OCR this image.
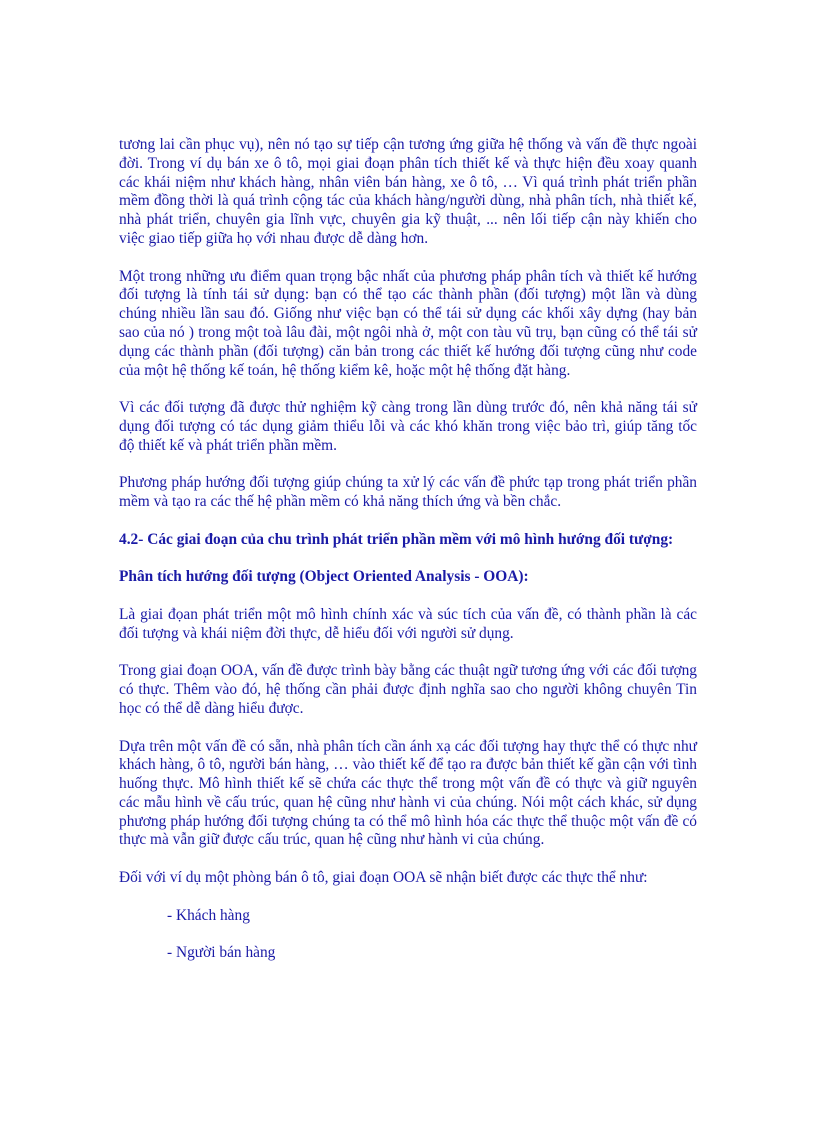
tương lai cần phục vụ), nên nó tạo sự tiếp cận tương ứng giữa hệ thống và vấn đề thực ngoài đời. Trong ví dụ bán xe ô tô, mọi giai đoạn phân tích thiết kế và thực hiện đều xoay quanh các khái niệm như khách hàng, nhân viên bán hàng, xe ô tô, … Vì quá trình phát triển phần mềm đồng thời là quá trình cộng tác của khách hàng/người dùng, nhà phân tích, nhà thiết kế, nhà phát triển, chuyên gia lĩnh vực, chuyên gia kỹ thuật, ... nên lối tiếp cận này khiến cho việc giao tiếp giữa họ với nhau được dễ dàng hơn.

Một trong những ưu điểm quan trọng bậc nhất của phương pháp phân tích và thiết kế hướng đối tượng là tính tái sử dụng: bạn có thể tạo các thành phần (đối tượng) một lần và dùng chúng nhiều lần sau đó. Giống như việc bạn có thể tái sử dụng các khối xây dựng (hay bản sao của nó ) trong một toà lâu đài, một ngôi nhà ở, một con tàu vũ trụ, bạn cũng có thể tái sử dụng các thành phần (đối tượng) căn bản trong các thiết kế hướng đối tượng cũng như code của một hệ thống kế toán, hệ thống kiểm kê, hoặc một hệ thống đặt hàng.

Vì các đối tượng đã được thử nghiệm kỹ càng trong lần dùng trước đó, nên khả năng tái sử dụng đối tượng có tác dụng giảm thiểu lỗi và các khó khăn trong việc bảo trì, giúp tăng tốc độ thiết kế và phát triển phần mềm.

Phương pháp hướng đối tượng giúp chúng ta xử lý các vấn đề phức tạp trong phát triển phần mềm và tạo ra các thế hệ phần mềm có khả năng thích ứng và bền chắc.

4.2- Các giai đoạn của chu trình phát triển phần mềm với mô hình hướng đối tượng:

Phân tích hướng đối tượng (Object Oriented Analysis - OOA):

Là giai đọan phát triển một mô hình chính xác và súc tích của vấn đề, có thành phần là các đối tượng và khái niệm đời thực, dễ hiểu đối với người sử dụng.

Trong giai đoạn OOA, vấn đề được trình bày bằng các thuật ngữ tương ứng với các đối tượng có thực. Thêm vào đó, hệ thống cần phải được định nghĩa sao cho người không chuyên Tin học có thể dễ dàng hiểu được.

Dựa trên một vấn đề có sẵn, nhà phân tích cần ánh xạ các đối tượng hay thực thể có thực như khách hàng, ô tô, người bán hàng, … vào thiết kế để tạo ra được bản thiết kế gần cận với tình huống thực. Mô hình thiết kế sẽ chứa các thực thể trong một vấn đề có thực và giữ nguyên các mẫu hình về cấu trúc, quan hệ cũng như hành vi của chúng. Nói một cách khác, sử dụng phương pháp hướng đối tượng chúng ta có thể mô hình hóa các thực thể thuộc một vấn đề có thực mà vẫn giữ được cấu trúc, quan hệ cũng như hành vi của chúng.

Đối với ví dụ một phòng bán ô tô, giai đoạn OOA sẽ nhận biết được các thực thể như:

- Khách hàng
- Người bán hàng
